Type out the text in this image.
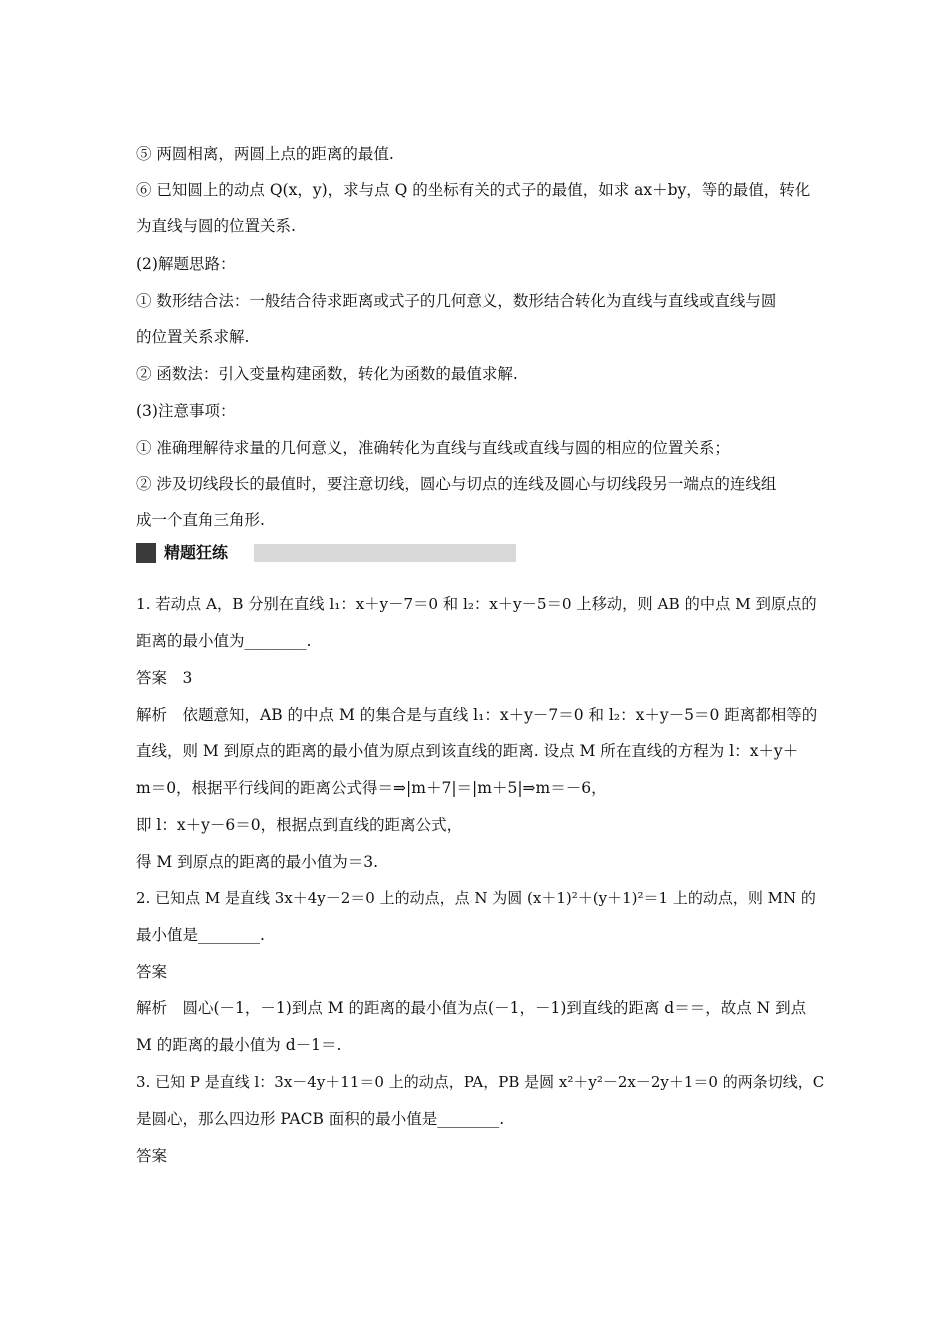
⑤ 两圆相离，两圆上点的距离的最值.
⑥ 已知圆上的动点 Q(x，y)，求与点 Q 的坐标有关的式子的最值，如求 ax＋by，等的最值，转化
为直线与圆的位置关系.
(2)解题思路：
① 数形结合法：一般结合待求距离或式子的几何意义，数形结合转化为直线与直线或直线与圆
的位置关系求解.
② 函数法：引入变量构建函数，转化为函数的最值求解.
(3)注意事项：
① 准确理解待求量的几何意义，准确转化为直线与直线或直线与圆的相应的位置关系；
② 涉及切线段长的最值时，要注意切线，圆心与切点的连线及圆心与切线段另一端点的连线组
成一个直角三角形.
精题狂练
1. 若动点 A，B 分别在直线 l₁：x＋y－7＝0 和 l₂：x＋y－5＝0 上移动，则 AB 的中点 M 到原点的
距离的最小值为________.
答案　3
解析　依题意知，AB 的中点 M 的集合是与直线 l₁：x＋y－7＝0 和 l₂：x＋y－5＝0 距离都相等的
直线，则 M 到原点的距离的最小值为原点到该直线的距离. 设点 M 所在直线的方程为 l：x＋y＋
m＝0，根据平行线间的距离公式得＝⇒|m＋7|＝|m＋5|⇒m＝－6，
即 l：x＋y－6＝0，根据点到直线的距离公式，
得 M 到原点的距离的最小值为＝3.
2. 已知点 M 是直线 3x＋4y－2＝0 上的动点，点 N 为圆 (x＋1)²＋(y＋1)²＝1 上的动点，则 MN 的
最小值是________.
答案
解析　圆心(－1，－1)到点 M 的距离的最小值为点(－1，－1)到直线的距离 d＝＝，故点 N 到点
M 的距离的最小值为 d－1＝.
3. 已知 P 是直线 l：3x－4y＋11＝0 上的动点，PA，PB 是圆 x²＋y²－2x－2y＋1＝0 的两条切线，C
是圆心，那么四边形 PACB 面积的最小值是________.
答案
